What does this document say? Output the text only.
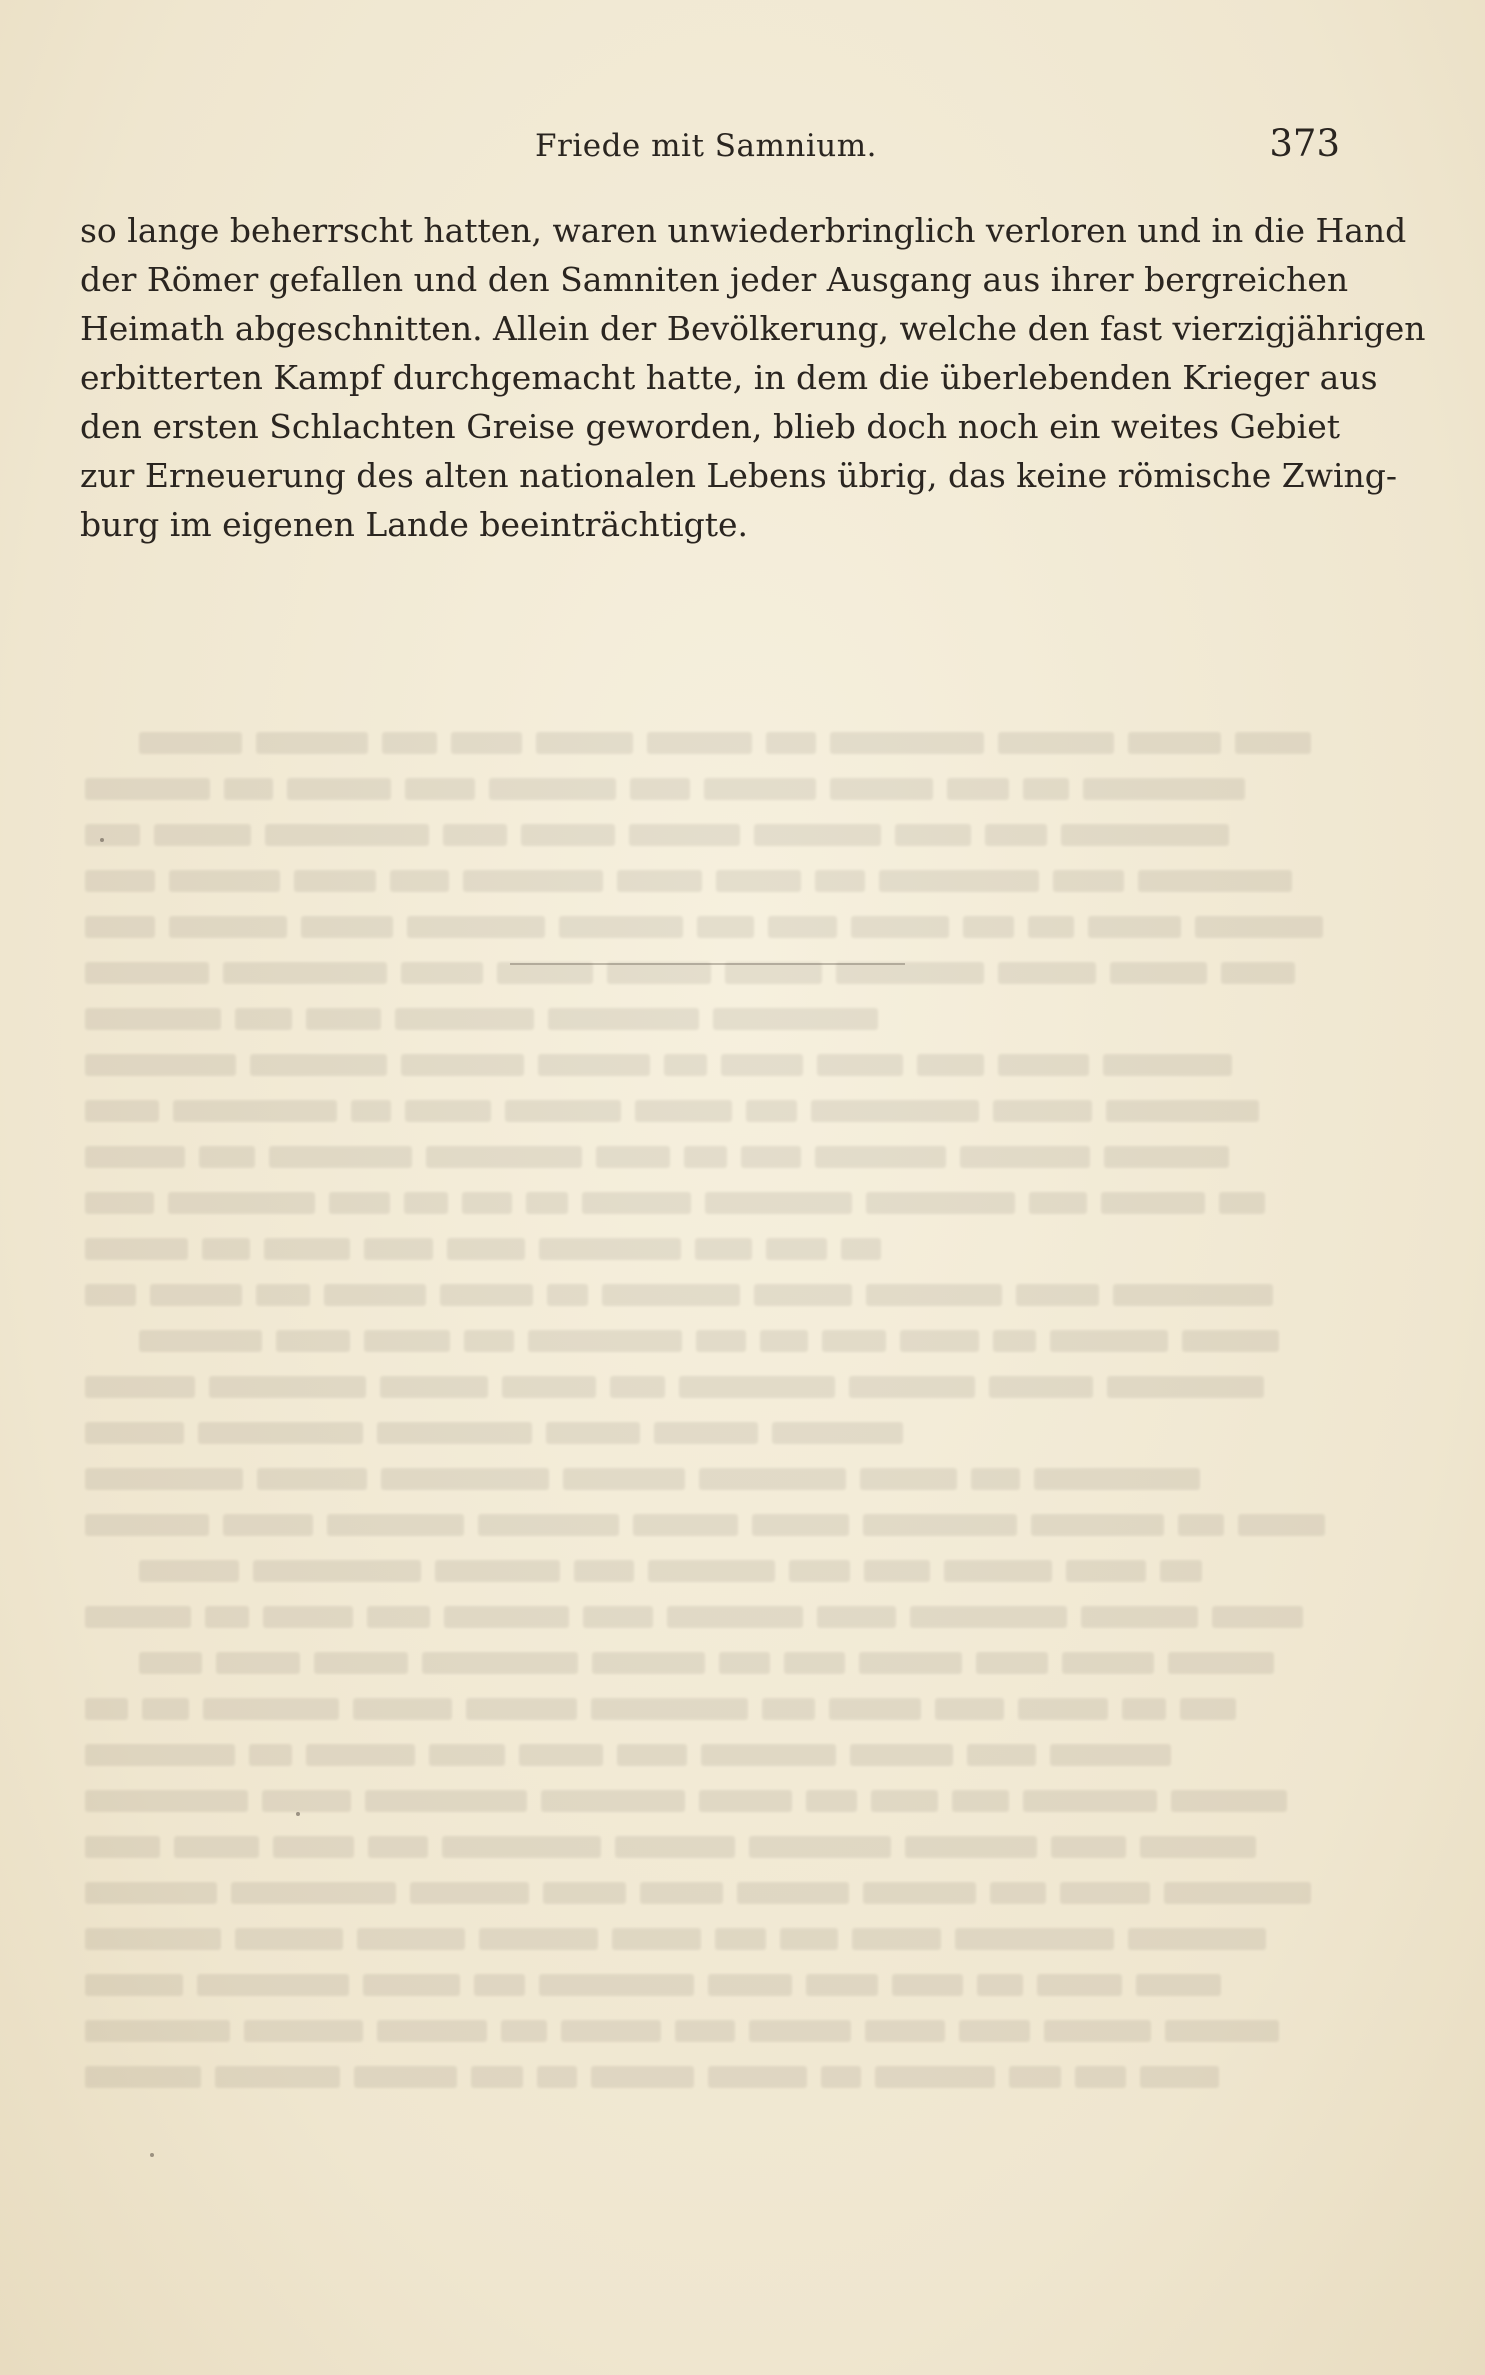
Friede mit Samnium.	373
so lange beherrscht hatten, waren unwiederbringlich verloren und in die Hand
der Römer gefallen und den Samniten jeder Ausgang aus ihrer bergreichen
Heimath abgeschnitten. Allein der Bevölkerung, welche den fast vierzigjährigen
erbitterten Kampf durchgemacht hatte, in dem die überlebenden Krieger aus
den ersten Schlachten Greise geworden, blieb doch noch ein weites Gebiet
zur Erneuerung des alten nationalen Lebens übrig, das keine römische Zwing-
burg im eigenen Lande beeinträchtigte.
